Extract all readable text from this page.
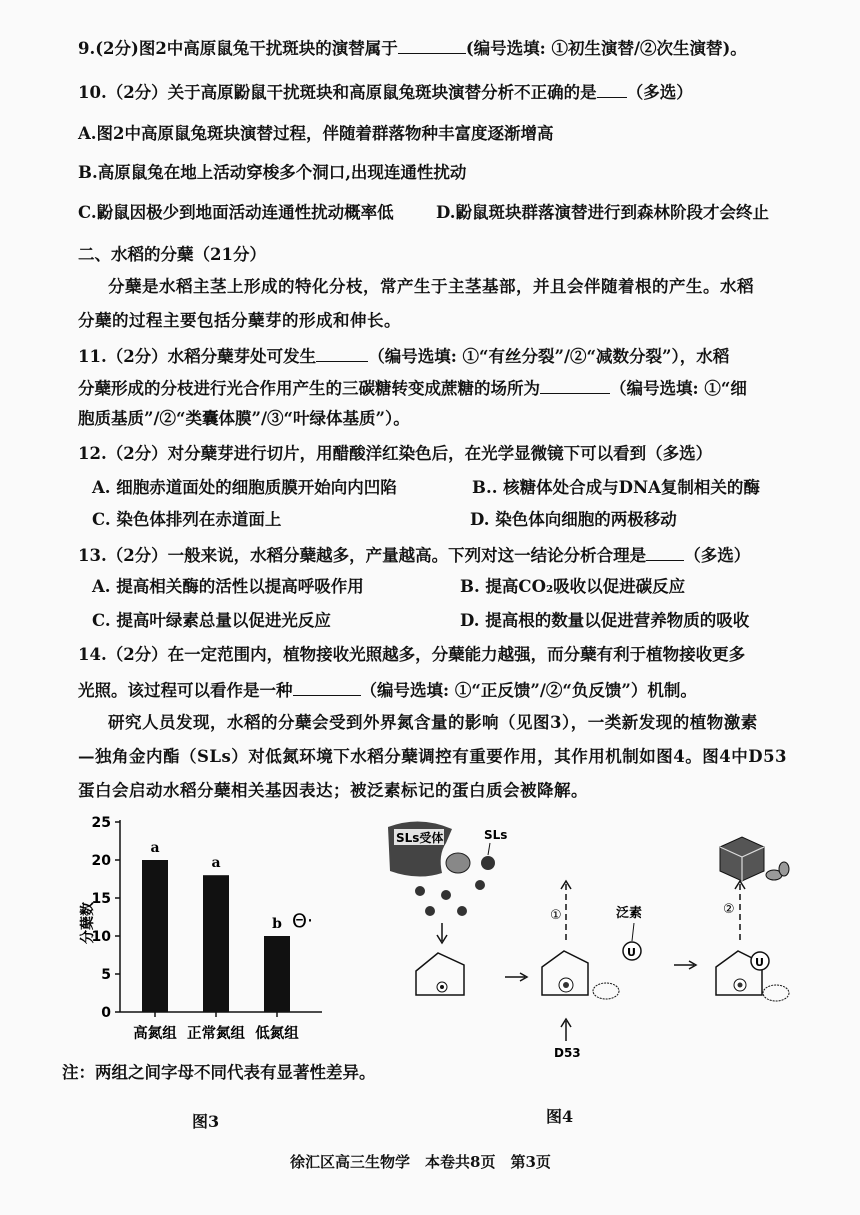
9.(2分)图2中高原鼠兔干扰斑块的演替属于	(编号选填: ①初生演替/②次生演替)。
10.（2分）关于高原鼢鼠干扰斑块和高原鼠兔斑块演替分析不正确的是 （多选）
A.图2中高原鼠兔斑块演替过程，伴随着群落物种丰富度逐渐增高
B.高原鼠兔在地上活动穿梭多个洞口,出现连通性扰动
C.鼢鼠因极少到地面活动连通性扰动概率低	D.鼢鼠斑块群落演替进行到森林阶段才会终止
二、水稻的分蘖（21分）
分蘖是水稻主茎上形成的特化分枝，常产生于主茎基部，并且会伴随着根的产生。水稻
分蘖的过程主要包括分蘖芽的形成和伸长。
11.（2分）水稻分蘖芽处可发生	（编号选填: ①“有丝分裂”/②“减数分裂”），水稻
分蘖形成的分枝进行光合作用产生的三碳糖转变成蔗糖的场所为	（编号选填: ①“细
胞质基质”/②“类囊体膜”/③“叶绿体基质”）。
12.（2分）对分蘖芽进行切片，用醋酸洋红染色后，在光学显微镜下可以看到（多选）
A. 细胞赤道面处的细胞质膜开始向内凹陷	B.. 核糖体处合成与DNA复制相关的酶
C. 染色体排列在赤道面上	D. 染色体向细胞的两极移动
13.（2分）一般来说，水稻分蘖越多，产量越高。下列对这一结论分析合理是 （多选）
A. 提高相关酶的活性以提高呼吸作用	B. 提高CO₂吸收以促进碳反应
C. 提高叶绿素总量以促进光反应	D. 提高根的数量以促进营养物质的吸收
14.（2分）在一定范围内，植物接收光照越多，分蘖能力越强，而分蘖有利于植物接收更多
光照。该过程可以看作是一种	（编号选填: ①“正反馈”/②“负反馈”）机制。
研究人员发现，水稻的分蘖会受到外界氮含量的影响（见图3），一类新发现的植物激素
—独角金内酯（SLs）对低氮环境下水稻分蘖调控有重要作用，其作用机制如图4。图4中D53
蛋白会启动水稻分蘖相关基因表达；被泛素标记的蛋白质会被降解。
0
5
10
15
20
25
分蘖数
a
高氮组
a
正常氮组
b
低氮组
Θ·
SLs受体	SLs
①
D53
泛素
U
U
②
注：两组之间字母不同代表有显著性差异。
图3	图4
徐汇区高三生物学　本卷共8页　第3页
